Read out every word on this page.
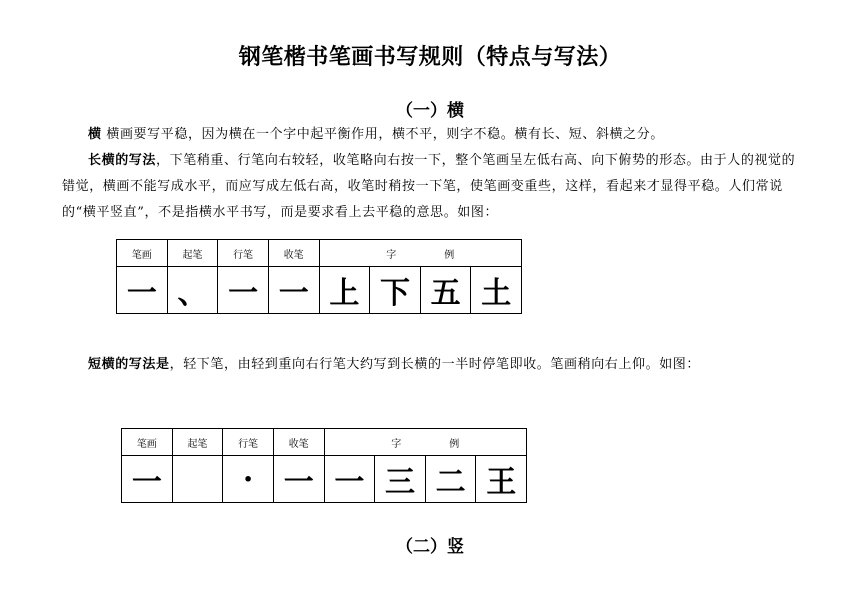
钢笔楷书笔画书写规则（特点与写法）
（一）横
横 横画要写平稳，因为横在一个字中起平衡作用，横不平，则字不稳。横有长、短、斜横之分。
长横的写法，下笔稍重、行笔向右较轻，收笔略向右按一下，整个笔画呈左低右高、向下俯势的形态。由于人的视觉的错觉，横画不能写成水平，而应写成左低右高，收笔时稍按一下笔，使笔画变重些，这样，看起来才显得平稳。人们常说的“横平竖直”，不是指横水平书写，而是要求看上去平稳的意思。如图：
笔画	起笔	行笔	收笔	字 例			
一	、	一	一	上	下	五	土
短横的写法是，轻下笔，由轻到重向右行笔大约写到长横的一半时停笔即收。笔画稍向右上仰。如图：
笔画	起笔	行笔	收笔	字 例			
一		·	一	一	三	二	王
（二）竖
